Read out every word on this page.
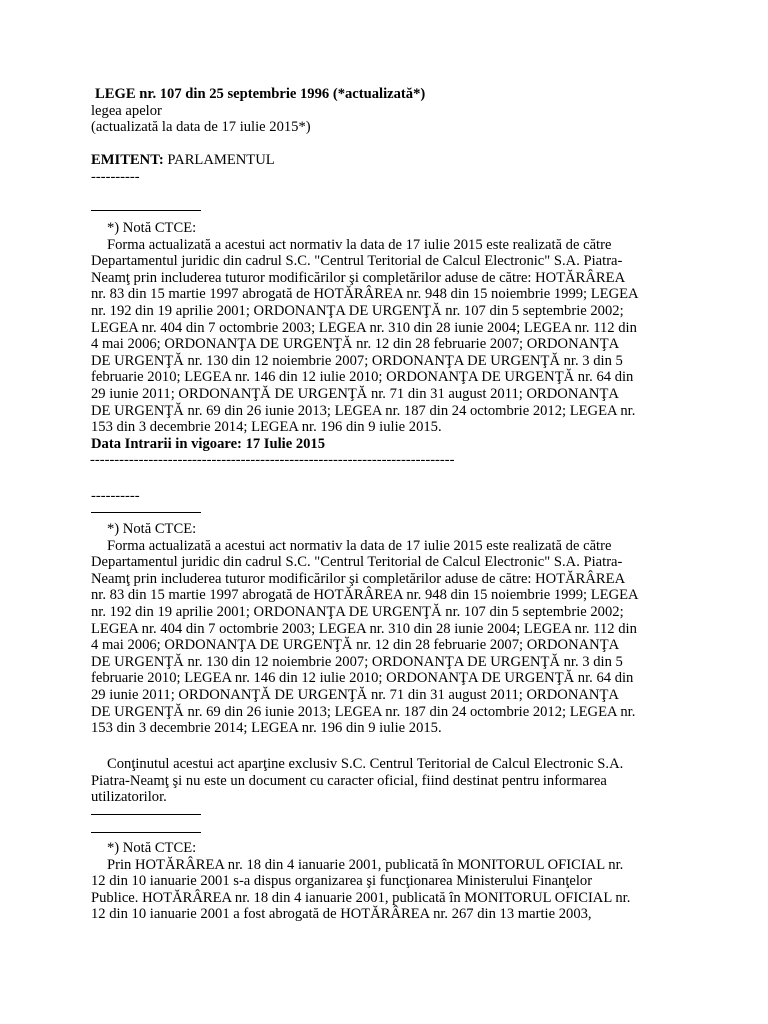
LEGE nr. 107 din 25 septembrie 1996 (*actualizată*)
legea apelor
(actualizată la data de 17 iulie 2015*)
EMITENT: PARLAMENTUL
----------
*) Notă CTCE:
Forma actualizată a acestui act normativ la data de 17 iulie 2015 este realizată de către
Departamentul juridic din cadrul S.C. "Centrul Teritorial de Calcul Electronic" S.A. Piatra-
Neamţ prin includerea tuturor modificărilor şi completărilor aduse de către: HOTĂRÂREA
nr. 83 din 15 martie 1997 abrogată de HOTĂRÂREA nr. 948 din 15 noiembrie 1999; LEGEA
nr. 192 din 19 aprilie 2001; ORDONANŢA DE URGENŢĂ nr. 107 din 5 septembrie 2002;
LEGEA nr. 404 din 7 octombrie 2003; LEGEA nr. 310 din 28 iunie 2004; LEGEA nr. 112 din
4 mai 2006; ORDONANŢA DE URGENŢĂ nr. 12 din 28 februarie 2007; ORDONANŢA
DE URGENŢĂ nr. 130 din 12 noiembrie 2007; ORDONANŢA DE URGENŢĂ nr. 3 din 5
februarie 2010; LEGEA nr. 146 din 12 iulie 2010; ORDONANŢA DE URGENŢĂ nr. 64 din
29 iunie 2011; ORDONANŢĂ DE URGENŢĂ nr. 71 din 31 august 2011; ORDONANŢA
DE URGENŢĂ nr. 69 din 26 iunie 2013; LEGEA nr. 187 din 24 octombrie 2012; LEGEA nr.
153 din 3 decembrie 2014; LEGEA nr. 196 din 9 iulie 2015.
Data Intrarii in vigoare: 17 Iulie 2015
---------------------------------------------------------------------------
----------
*) Notă CTCE:
Forma actualizată a acestui act normativ la data de 17 iulie 2015 este realizată de către
Departamentul juridic din cadrul S.C. "Centrul Teritorial de Calcul Electronic" S.A. Piatra-
Neamţ prin includerea tuturor modificărilor şi completărilor aduse de către: HOTĂRÂREA
nr. 83 din 15 martie 1997 abrogată de HOTĂRÂREA nr. 948 din 15 noiembrie 1999; LEGEA
nr. 192 din 19 aprilie 2001; ORDONANŢA DE URGENŢĂ nr. 107 din 5 septembrie 2002;
LEGEA nr. 404 din 7 octombrie 2003; LEGEA nr. 310 din 28 iunie 2004; LEGEA nr. 112 din
4 mai 2006; ORDONANŢA DE URGENŢĂ nr. 12 din 28 februarie 2007; ORDONANŢA
DE URGENŢĂ nr. 130 din 12 noiembrie 2007; ORDONANŢA DE URGENŢĂ nr. 3 din 5
februarie 2010; LEGEA nr. 146 din 12 iulie 2010; ORDONANŢA DE URGENŢĂ nr. 64 din
29 iunie 2011; ORDONANŢĂ DE URGENŢĂ nr. 71 din 31 august 2011; ORDONANŢA
DE URGENŢĂ nr. 69 din 26 iunie 2013; LEGEA nr. 187 din 24 octombrie 2012; LEGEA nr.
153 din 3 decembrie 2014; LEGEA nr. 196 din 9 iulie 2015.
Conţinutul acestui act aparţine exclusiv S.C. Centrul Teritorial de Calcul Electronic S.A.
Piatra-Neamţ şi nu este un document cu caracter oficial, fiind destinat pentru informarea
utilizatorilor.
*) Notă CTCE:
Prin HOTĂRÂREA nr. 18 din 4 ianuarie 2001, publicată în MONITORUL OFICIAL nr.
12 din 10 ianuarie 2001 s-a dispus organizarea şi funcţionarea Ministerului Finanţelor
Publice. HOTĂRÂREA nr. 18 din 4 ianuarie 2001, publicată în MONITORUL OFICIAL nr.
12 din 10 ianuarie 2001 a fost abrogată de HOTĂRÂREA nr. 267 din 13 martie 2003,
